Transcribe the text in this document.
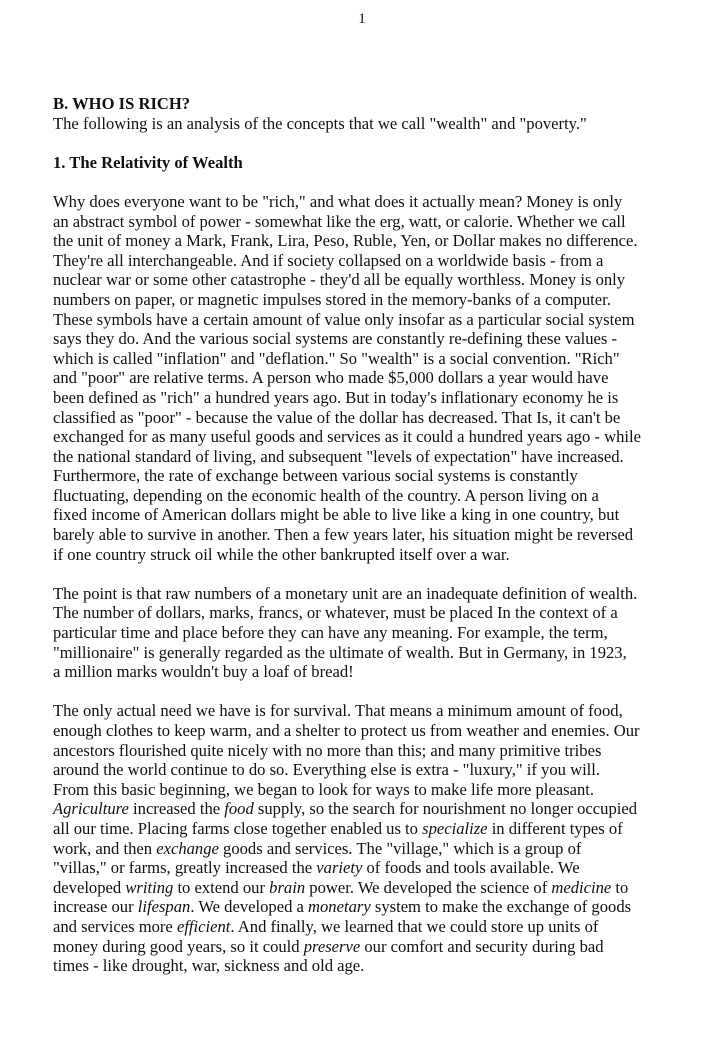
1

B. WHO IS RICH?

The following is an analysis of the concepts that we call "wealth" and "poverty."

1. The Relativity of Wealth

Why does everyone want to be "rich," and what does it actually mean? Money is only
an abstract symbol of power - somewhat like the erg, watt, or calorie. Whether we call
the unit of money a Mark, Frank, Lira, Peso, Ruble, Yen, or Dollar makes no difference.
They're all interchangeable. And if society collapsed on a worldwide basis - from a
nuclear war or some other catastrophe - they'd all be equally worthless. Money is only
numbers on paper, or magnetic impulses stored in the memory-banks of a computer.
These symbols have a certain amount of value only insofar as a particular social system
says they do. And the various social systems are constantly re-defining these values -
which is called "inflation" and "deflation." So "wealth" is a social convention. "Rich"
and "poor" are relative terms. A person who made $5,000 dollars a year would have
been defined as "rich" a hundred years ago. But in today's inflationary economy he is
classified as "poor" - because the value of the dollar has decreased. That Is, it can't be
exchanged for as many useful goods and services as it could a hundred years ago - while
the national standard of living, and subsequent "levels of expectation" have increased.
Furthermore, the rate of exchange between various social systems is constantly
fluctuating, depending on the economic health of the country. A person living on a
fixed income of American dollars might be able to live like a king in one country, but
barely able to survive in another. Then a few years later, his situation might be reversed
if one country struck oil while the other bankrupted itself over a war.

The point is that raw numbers of a monetary unit are an inadequate definition of wealth.
The number of dollars, marks, francs, or whatever, must be placed In the context of a
particular time and place before they can have any meaning. For example, the term,
"millionaire" is generally regarded as the ultimate of wealth. But in Germany, in 1923,
a million marks wouldn't buy a loaf of bread!

The only actual need we have is for survival. That means a minimum amount of food,
enough clothes to keep warm, and a shelter to protect us from weather and enemies. Our
ancestors flourished quite nicely with no more than this; and many primitive tribes
around the world continue to do so. Everything else is extra - "luxury," if you will.
From this basic beginning, we began to look for ways to make life more pleasant.
Agriculture increased the food supply, so the search for nourishment no longer occupied
all our time. Placing farms close together enabled us to specialize in different types of
work, and then exchange goods and services. The "village," which is a group of
"villas," or farms, greatly increased the variety of foods and tools available. We
developed writing to extend our brain power. We developed the science of medicine to
increase our lifespan. We developed a monetary system to make the exchange of goods
and services more efficient. And finally, we learned that we could store up units of
money during good years, so it could preserve our comfort and security during bad
times - like drought, war, sickness and old age.
